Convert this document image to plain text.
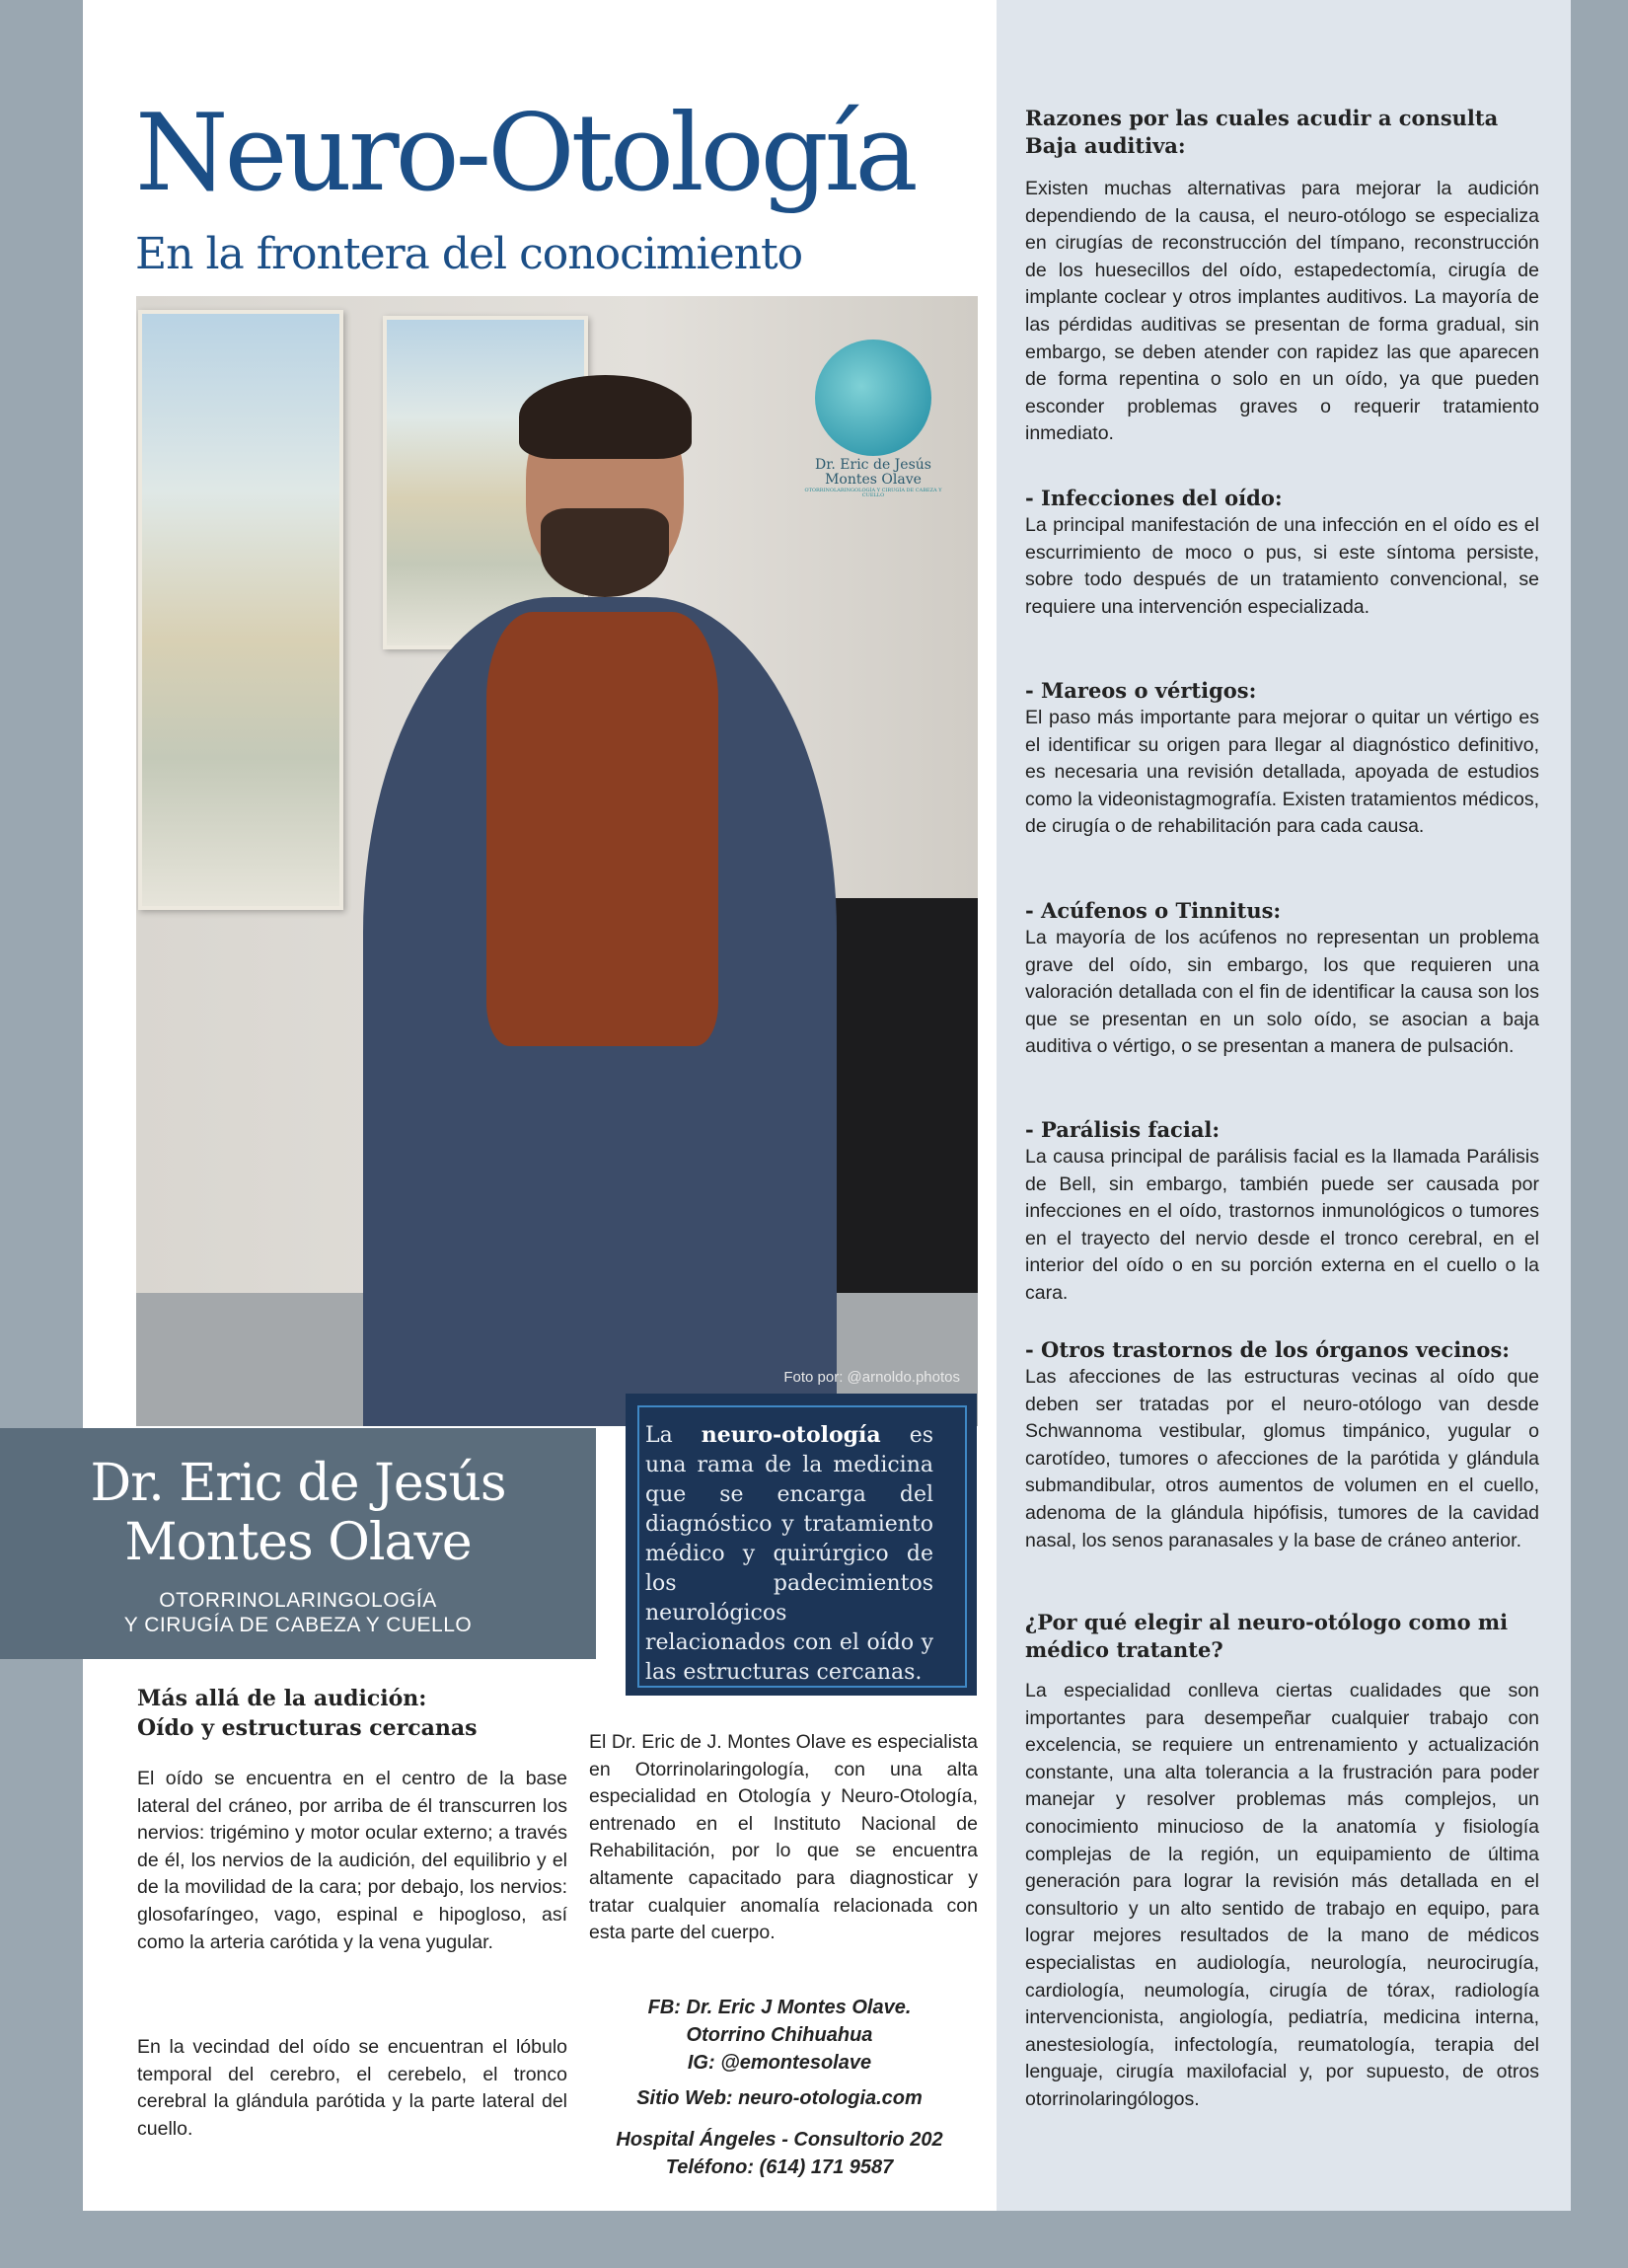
Neuro-Otología
En la frontera del conocimiento
Dr. Eric de Jesús
Montes Olave
OTORRINOLARINGOLOGÍA Y CIRUGÍA DE CABEZA Y CUELLO
Foto por: @arnoldo.photos
Dr. Eric de Jesús
Montes Olave
OTORRINOLARINGOLOGÍA
Y CIRUGÍA DE CABEZA Y CUELLO
La neuro-otología es una rama de la medicina que se encarga del diagnóstico y tratamiento médico y quirúrgico de los padecimientos neurológicos relacionados con el oído y las estructuras cercanas.
Más allá de la audición:
Oído y estructuras cercanas
El oído se encuentra en el centro de la base lateral del cráneo, por arriba de él transcurren los nervios: trigémino y motor ocular externo; a través de él, los nervios de la audición, del equilibrio y el de la movilidad de la cara; por debajo, los nervios: glosofaríngeo, vago, espinal e hipogloso, así como la arteria carótida y la vena yugular.
En la vecindad del oído se encuentran el lóbulo temporal del cerebro, el cerebelo, el tronco cerebral la glándula parótida y la parte lateral del cuello.
El Dr. Eric de J. Montes Olave es especialista en Otorrinolaringología, con una alta especialidad en Otología y Neuro-Otología, entrenado en el Instituto Nacional de Rehabilitación, por lo que se encuentra altamente capacitado para diagnosticar y tratar cualquier anomalía relacionada con esta parte del cuerpo.
FB: Dr. Eric J Montes Olave.
Otorrino Chihuahua
IG: @emontesolave
Sitio Web: neuro-otologia.com
Hospital Ángeles - Consultorio 202
Teléfono: (614) 171 9587
Razones por las cuales acudir a consulta
Baja auditiva:
Existen muchas alternativas para mejorar la audición dependiendo de la causa, el neuro-otólogo se especializa en cirugías de reconstrucción del tímpano, reconstrucción de los huesecillos del oído, estapedectomía, cirugía de implante coclear y otros implantes auditivos. La mayoría de las pérdidas auditivas se presentan de forma gradual, sin embargo, se deben atender con rapidez las que aparecen de forma repentina o solo en un oído, ya que pueden esconder problemas graves o requerir tratamiento inmediato.
- Infecciones del oído:
La principal manifestación de una infección en el oído es el escurrimiento de moco o pus, si este síntoma persiste, sobre todo después de un tratamiento convencional, se requiere una intervención especializada.
- Mareos o vértigos:
El paso más importante para mejorar o quitar un vértigo es el identificar su origen para llegar al diagnóstico definitivo, es necesaria una revisión detallada, apoyada de estudios como la videonistagmografía. Existen tratamientos médicos, de cirugía o de rehabilitación para cada causa.
- Acúfenos o Tinnitus:
La mayoría de los acúfenos no representan un problema grave del oído, sin embargo, los que requieren una valoración detallada con el fin de identificar la causa son los que se presentan en un solo oído, se asocian a baja auditiva o vértigo, o se presentan a manera de pulsación.
- Parálisis facial:
La causa principal de parálisis facial es la llamada Parálisis de Bell, sin embargo, también puede ser causada por infecciones en el oído, trastornos inmunológicos o tumores en el trayecto del nervio desde el tronco cerebral, en el interior del oído o en su porción externa en el cuello o la cara.
- Otros trastornos de los órganos vecinos:
Las afecciones de las estructuras vecinas al oído que deben ser tratadas por el neuro-otólogo van desde Schwannoma vestibular, glomus timpánico, yugular o carotídeo, tumores o afecciones de la parótida y glándula submandibular, otros aumentos de volumen en el cuello, adenoma de la glándula hipófisis, tumores de la cavidad nasal, los senos paranasales y la base de cráneo anterior.
¿Por qué elegir al neuro-otólogo como mi
médico tratante?
La especialidad conlleva ciertas cualidades que son importantes para desempeñar cualquier trabajo con excelencia, se requiere un entrenamiento y actualización constante, una alta tolerancia a la frustración para poder manejar y resolver problemas más complejos, un conocimiento minucioso de la anatomía y fisiología complejas de la región, un equipamiento de última generación para lograr la revisión más detallada en el consultorio y un alto sentido de trabajo en equipo, para lograr mejores resultados de la mano de médicos especialistas en audiología, neurología, neurocirugía, cardiología, neumología, cirugía de tórax, radiología intervencionista, angiología, pediatría, medicina interna, anestesiología, infectología, reumatología, terapia del lenguaje, cirugía maxilofacial y, por supuesto, de otros otorrinolaringólogos.
